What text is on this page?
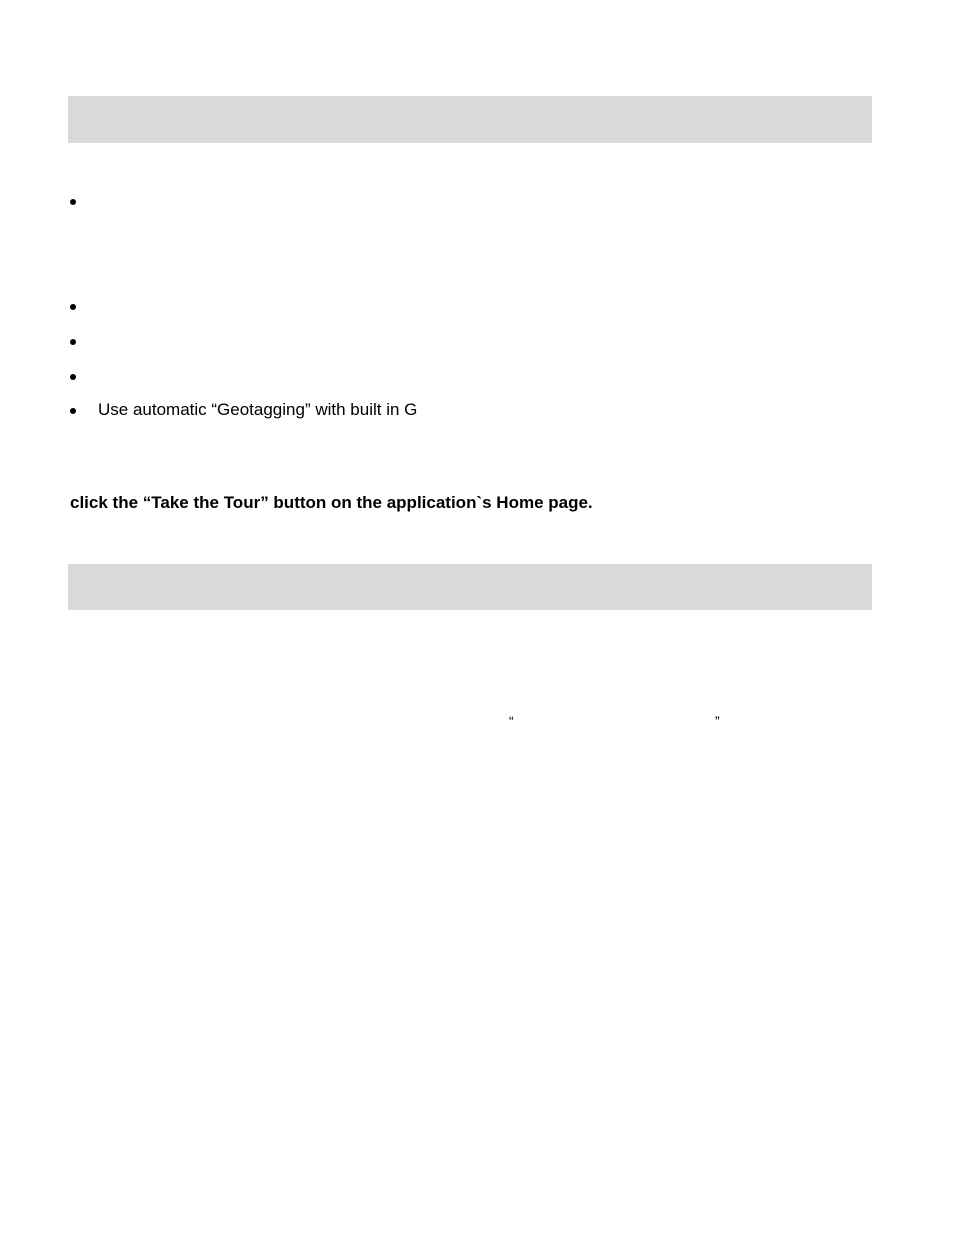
Use automatic “Geotagging” with built in G
click the “Take the Tour” button on the application`s Home page.
“	”
